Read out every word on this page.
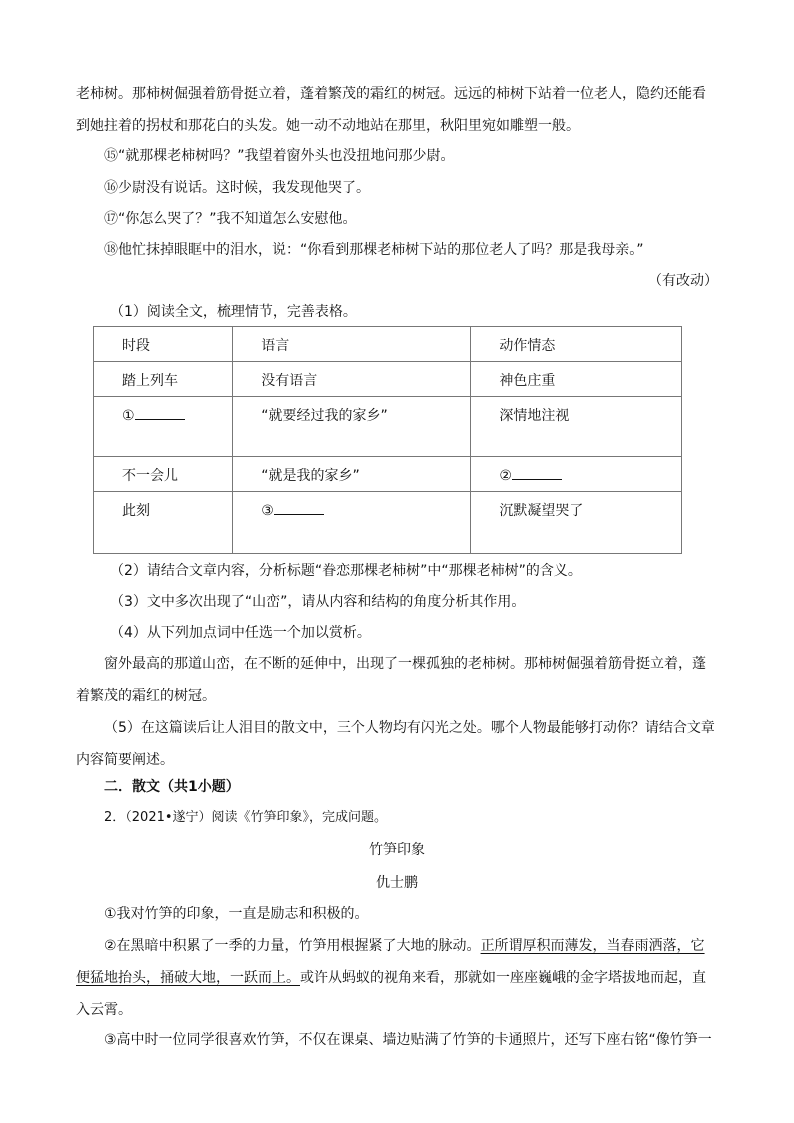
老柿树。那柿树倔强着筋骨挺立着，蓬着繁茂的霜红的树冠。远远的柿树下站着一位老人，隐约还能看到她拄着的拐杖和那花白的头发。她一动不动地站在那里，秋阳里宛如雕塑一般。

⑮“就那棵老柿树吗？”我望着窗外头也没扭地问那少尉。

⑯少尉没有说话。这时候，我发现他哭了。

⑰“你怎么哭了？”我不知道怎么安慰他。

⑱他忙抹掉眼眶中的泪水，说：“你看到那棵老柿树下站的那位老人了吗？那是我母亲。”

（有改动）

（1）阅读全文，梳理情节，完善表格。

时段	语言	动作情态
踏上列车	没有语言	神色庄重
①	“就要经过我的家乡”	深情地注视
不一会儿	“就是我的家乡”	②
此刻	③	沉默凝望哭了

（2）请结合文章内容，分析标题“眷恋那棵老柿树”中“那棵老柿树”的含义。

（3）文中多次出现了“山峦”，请从内容和结构的角度分析其作用。

（4）从下列加点词中任选一个加以赏析。

窗外最高的那道山峦，在不断的延伸中，出现了一棵孤独的老柿树。那柿树倔强着筋骨挺立着，蓬着繁茂的霜红的树冠。

（5）在这篇读后让人泪目的散文中，三个人物均有闪光之处。哪个人物最能够打动你？请结合文章内容简要阐述。

二．散文（共1小题）

2．（2021•遂宁）阅读《竹笋印象》，完成问题。

竹笋印象

仇士鹏

①我对竹笋的印象，一直是励志和积极的。

②在黑暗中积累了一季的力量，竹笋用根握紧了大地的脉动。正所谓厚积而薄发，当春雨洒落，它便猛地抬头，捅破大地，一跃而上。或许从蚂蚁的视角来看，那就如一座座巍峨的金字塔拔地而起，直入云霄。

③高中时一位同学很喜欢竹笋，不仅在课桌、墙边贴满了竹笋的卡通照片，还写下座右铭“像竹笋一
